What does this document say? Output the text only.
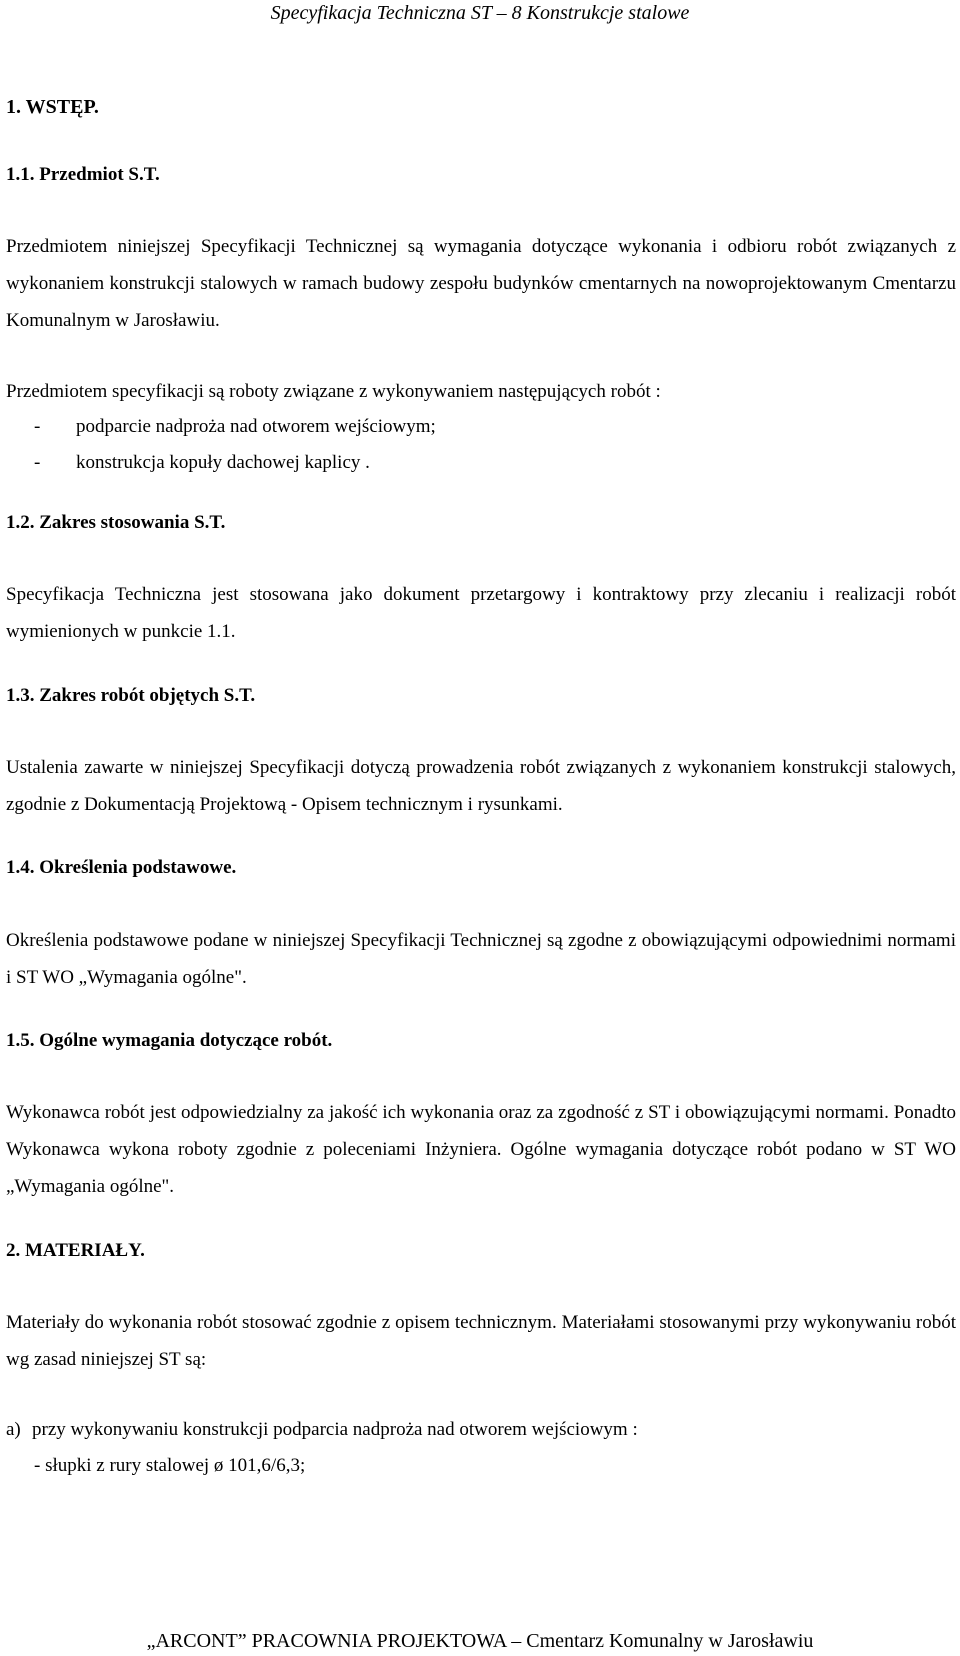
Specyfikacja Techniczna ST – 8 Konstrukcje stalowe
1. WSTĘP.
1.1. Przedmiot S.T.
Przedmiotem niniejszej Specyfikacji Technicznej są wymagania dotyczące wykonania i odbioru robót związanych z wykonaniem konstrukcji stalowych w ramach budowy zespołu budynków cmentarnych na nowoprojektowanym Cmentarzu Komunalnym w Jarosławiu.
Przedmiotem specyfikacji są roboty związane z wykonywaniem następujących robót :
-	podparcie nadproża nad otworem wejściowym;
-	konstrukcja kopuły dachowej kaplicy .
1.2. Zakres stosowania S.T.
Specyfikacja Techniczna jest stosowana jako dokument przetargowy i kontraktowy przy zlecaniu i realizacji robót wymienionych w punkcie 1.1.
1.3. Zakres robót objętych S.T.
Ustalenia zawarte w niniejszej Specyfikacji dotyczą prowadzenia robót związanych z wykonaniem konstrukcji stalowych, zgodnie z Dokumentacją Projektową - Opisem technicznym i rysunkami.
1.4. Określenia podstawowe.
Określenia podstawowe podane w niniejszej Specyfikacji Technicznej są zgodne z obowiązującymi odpowiednimi normami i ST WO „Wymagania ogólne".
1.5. Ogólne wymagania dotyczące robót.
Wykonawca robót jest odpowiedzialny za jakość ich wykonania oraz za zgodność z ST i obowiązującymi normami. Ponadto Wykonawca wykona roboty zgodnie z poleceniami Inżyniera. Ogólne wymagania dotyczące robót podano w ST WO „Wymagania ogólne".
2. MATERIAŁY.
Materiały do wykonania robót stosować zgodnie z opisem technicznym. Materiałami stosowanymi przy wykonywaniu robót wg zasad niniejszej ST są:
a) przy wykonywaniu konstrukcji podparcia nadproża nad otworem wejściowym :
- słupki z rury stalowej ø 101,6/6,3;
„ARCONT” PRACOWNIA PROJEKTOWA – Cmentarz Komunalny w Jarosławiu
